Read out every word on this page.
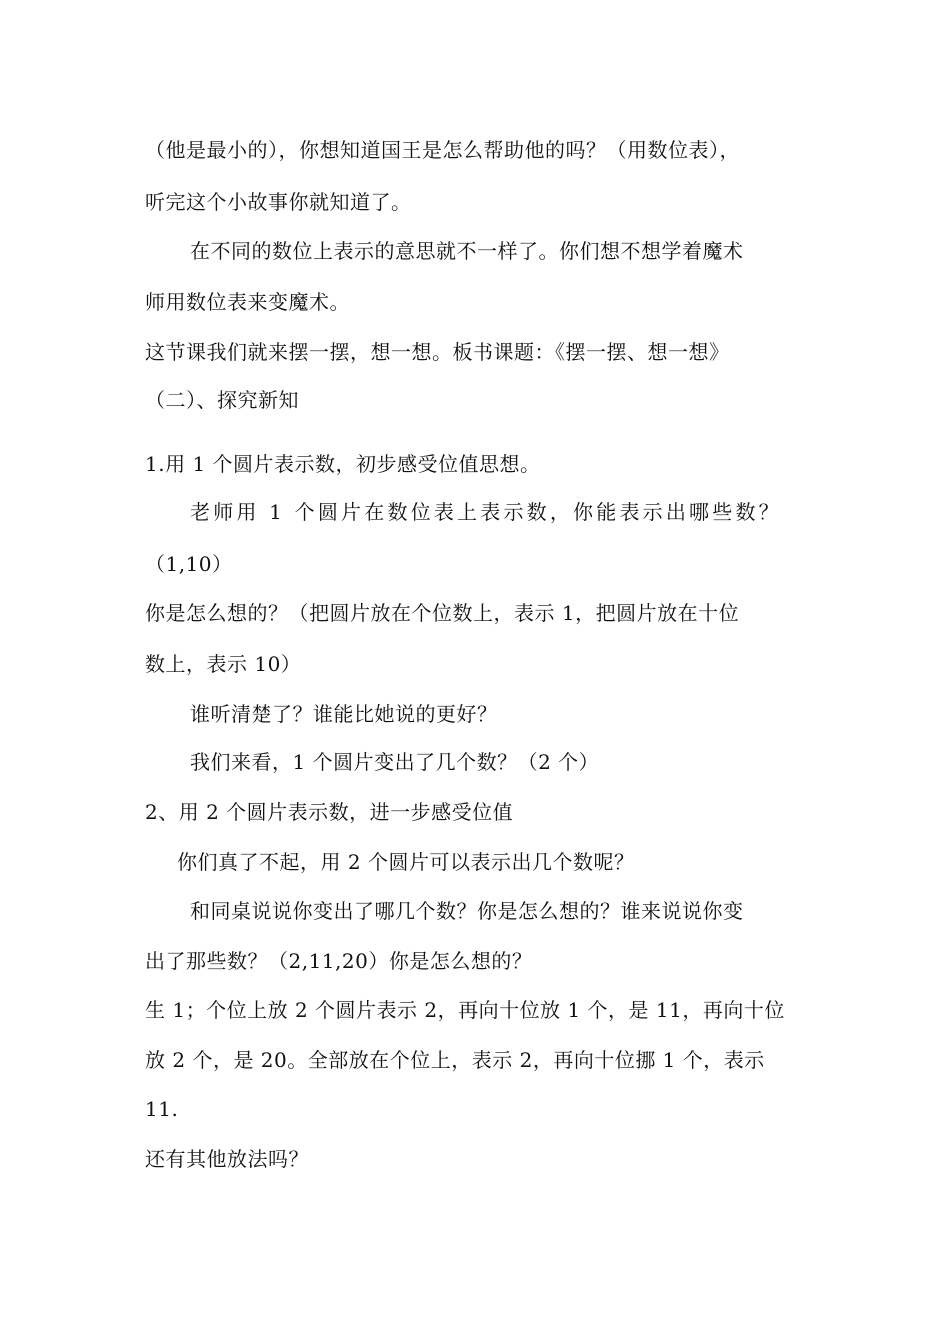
（他是最小的），你想知道国王是怎么帮助他的吗？（用数位表），
听完这个小故事你就知道了。
在不同的数位上表示的意思就不一样了。你们想不想学着魔术
师用数位表来变魔术。
这节课我们就来摆一摆，想一想。板书课题：《摆一摆、想一想》
（二）、探究新知
1.用 1 个圆片表示数，初步感受位值思想。
老师用 1 个圆片在数位表上表示数，你能表示出哪些数？
（1,10）
你是怎么想的？（把圆片放在个位数上，表示 1，把圆片放在十位
数上，表示 10）
谁听清楚了？谁能比她说的更好？
我们来看，1 个圆片变出了几个数？（2 个）
2、用 2 个圆片表示数，进一步感受位值
你们真了不起，用 2 个圆片可以表示出几个数呢？
和同桌说说你变出了哪几个数？你是怎么想的？谁来说说你变
出了那些数？（2,11,20）你是怎么想的？
生 1；个位上放 2 个圆片表示 2，再向十位放 1 个，是 11，再向十位
放 2 个，是 20。全部放在个位上，表示 2，再向十位挪 1 个，表示
11.
还有其他放法吗？
